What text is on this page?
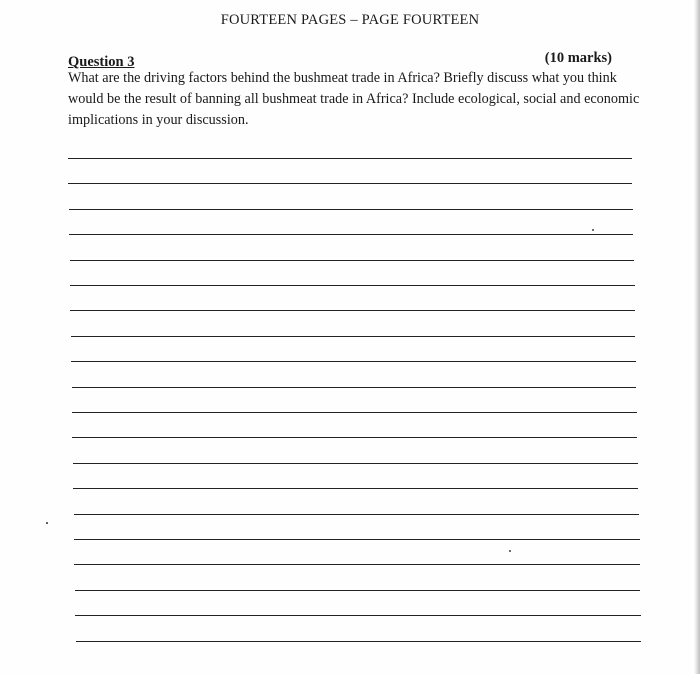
FOURTEEN PAGES – PAGE FOURTEEN
Question 3	(10 marks)
What are the driving factors behind the bushmeat trade in Africa? Briefly discuss what you think would be the result of banning all bushmeat trade in Africa? Include ecological, social and economic implications in your discussion.
